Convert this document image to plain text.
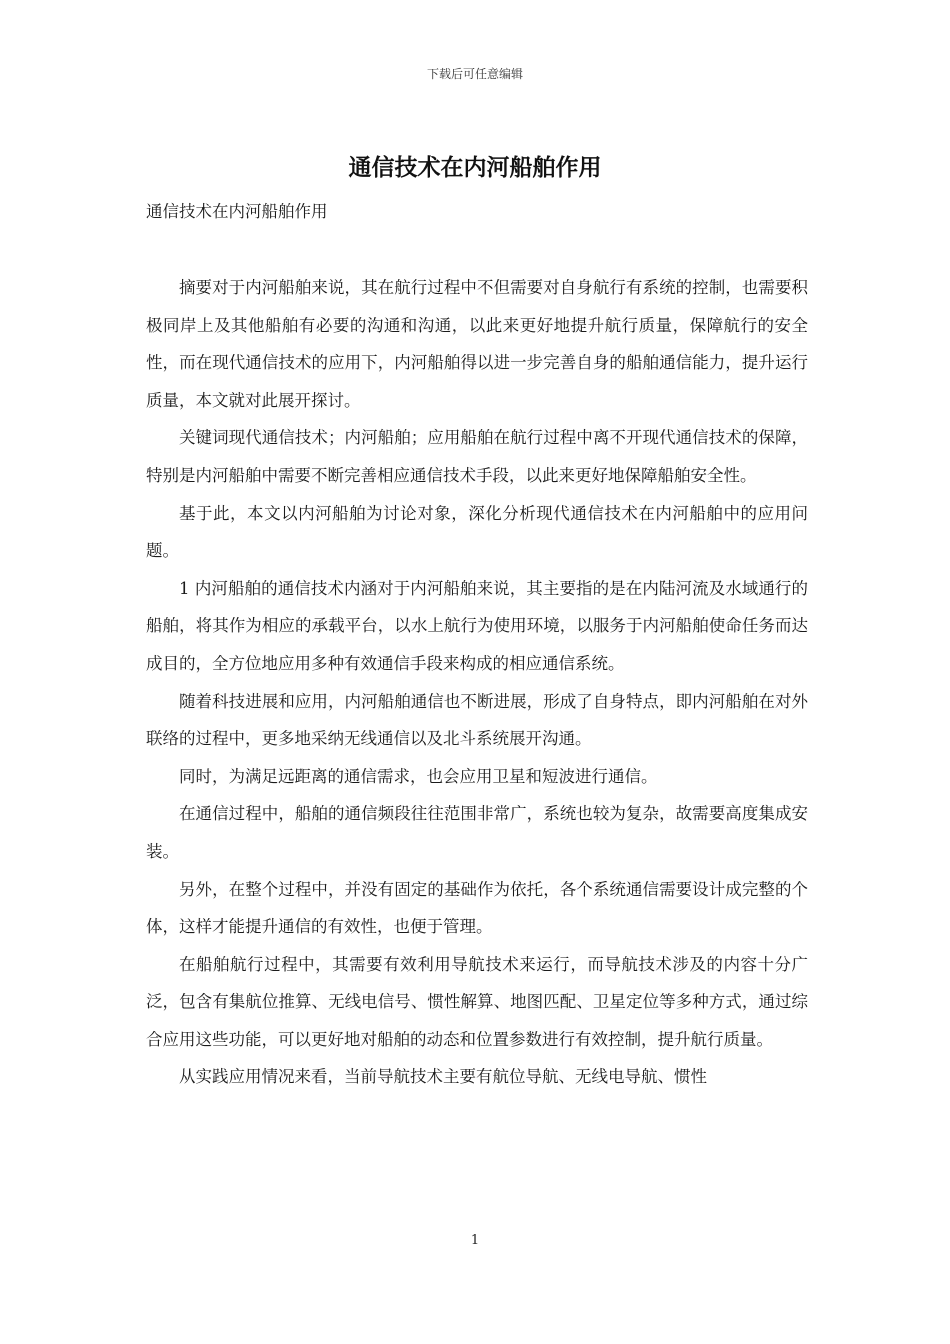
下载后可任意编辑
通信技术在内河船舶作用
通信技术在内河船舶作用

摘要对于内河船舶来说，其在航行过程中不但需要对自身航行有系统的控制，也需要积极同岸上及其他船舶有必要的沟通和沟通，以此来更好地提升航行质量，保障航行的安全性，而在现代通信技术的应用下，内河船舶得以进一步完善自身的船舶通信能力，提升运行质量，本文就对此展开探讨。

关键词现代通信技术；内河船舶；应用船舶在航行过程中离不开现代通信技术的保障，特别是内河船舶中需要不断完善相应通信技术手段，以此来更好地保障船舶安全性。

基于此，本文以内河船舶为讨论对象，深化分析现代通信技术在内河船舶中的应用问题。

1 内河船舶的通信技术内涵对于内河船舶来说，其主要指的是在内陆河流及水域通行的船舶，将其作为相应的承载平台，以水上航行为使用环境，以服务于内河船舶使命任务而达成目的，全方位地应用多种有效通信手段来构成的相应通信系统。

随着科技进展和应用，内河船舶通信也不断进展，形成了自身特点，即内河船舶在对外联络的过程中，更多地采纳无线通信以及北斗系统展开沟通。

同时，为满足远距离的通信需求，也会应用卫星和短波进行通信。

在通信过程中，船舶的通信频段往往范围非常广，系统也较为复杂，故需要高度集成安装。

另外，在整个过程中，并没有固定的基础作为依托，各个系统通信需要设计成完整的个体，这样才能提升通信的有效性，也便于管理。

在船舶航行过程中，其需要有效利用导航技术来运行，而导航技术涉及的内容十分广泛，包含有集航位推算、无线电信号、惯性解算、地图匹配、卫星定位等多种方式，通过综合应用这些功能，可以更好地对船舶的动态和位置参数进行有效控制，提升航行质量。

从实践应用情况来看，当前导航技术主要有航位导航、无线电导航、惯性

1
